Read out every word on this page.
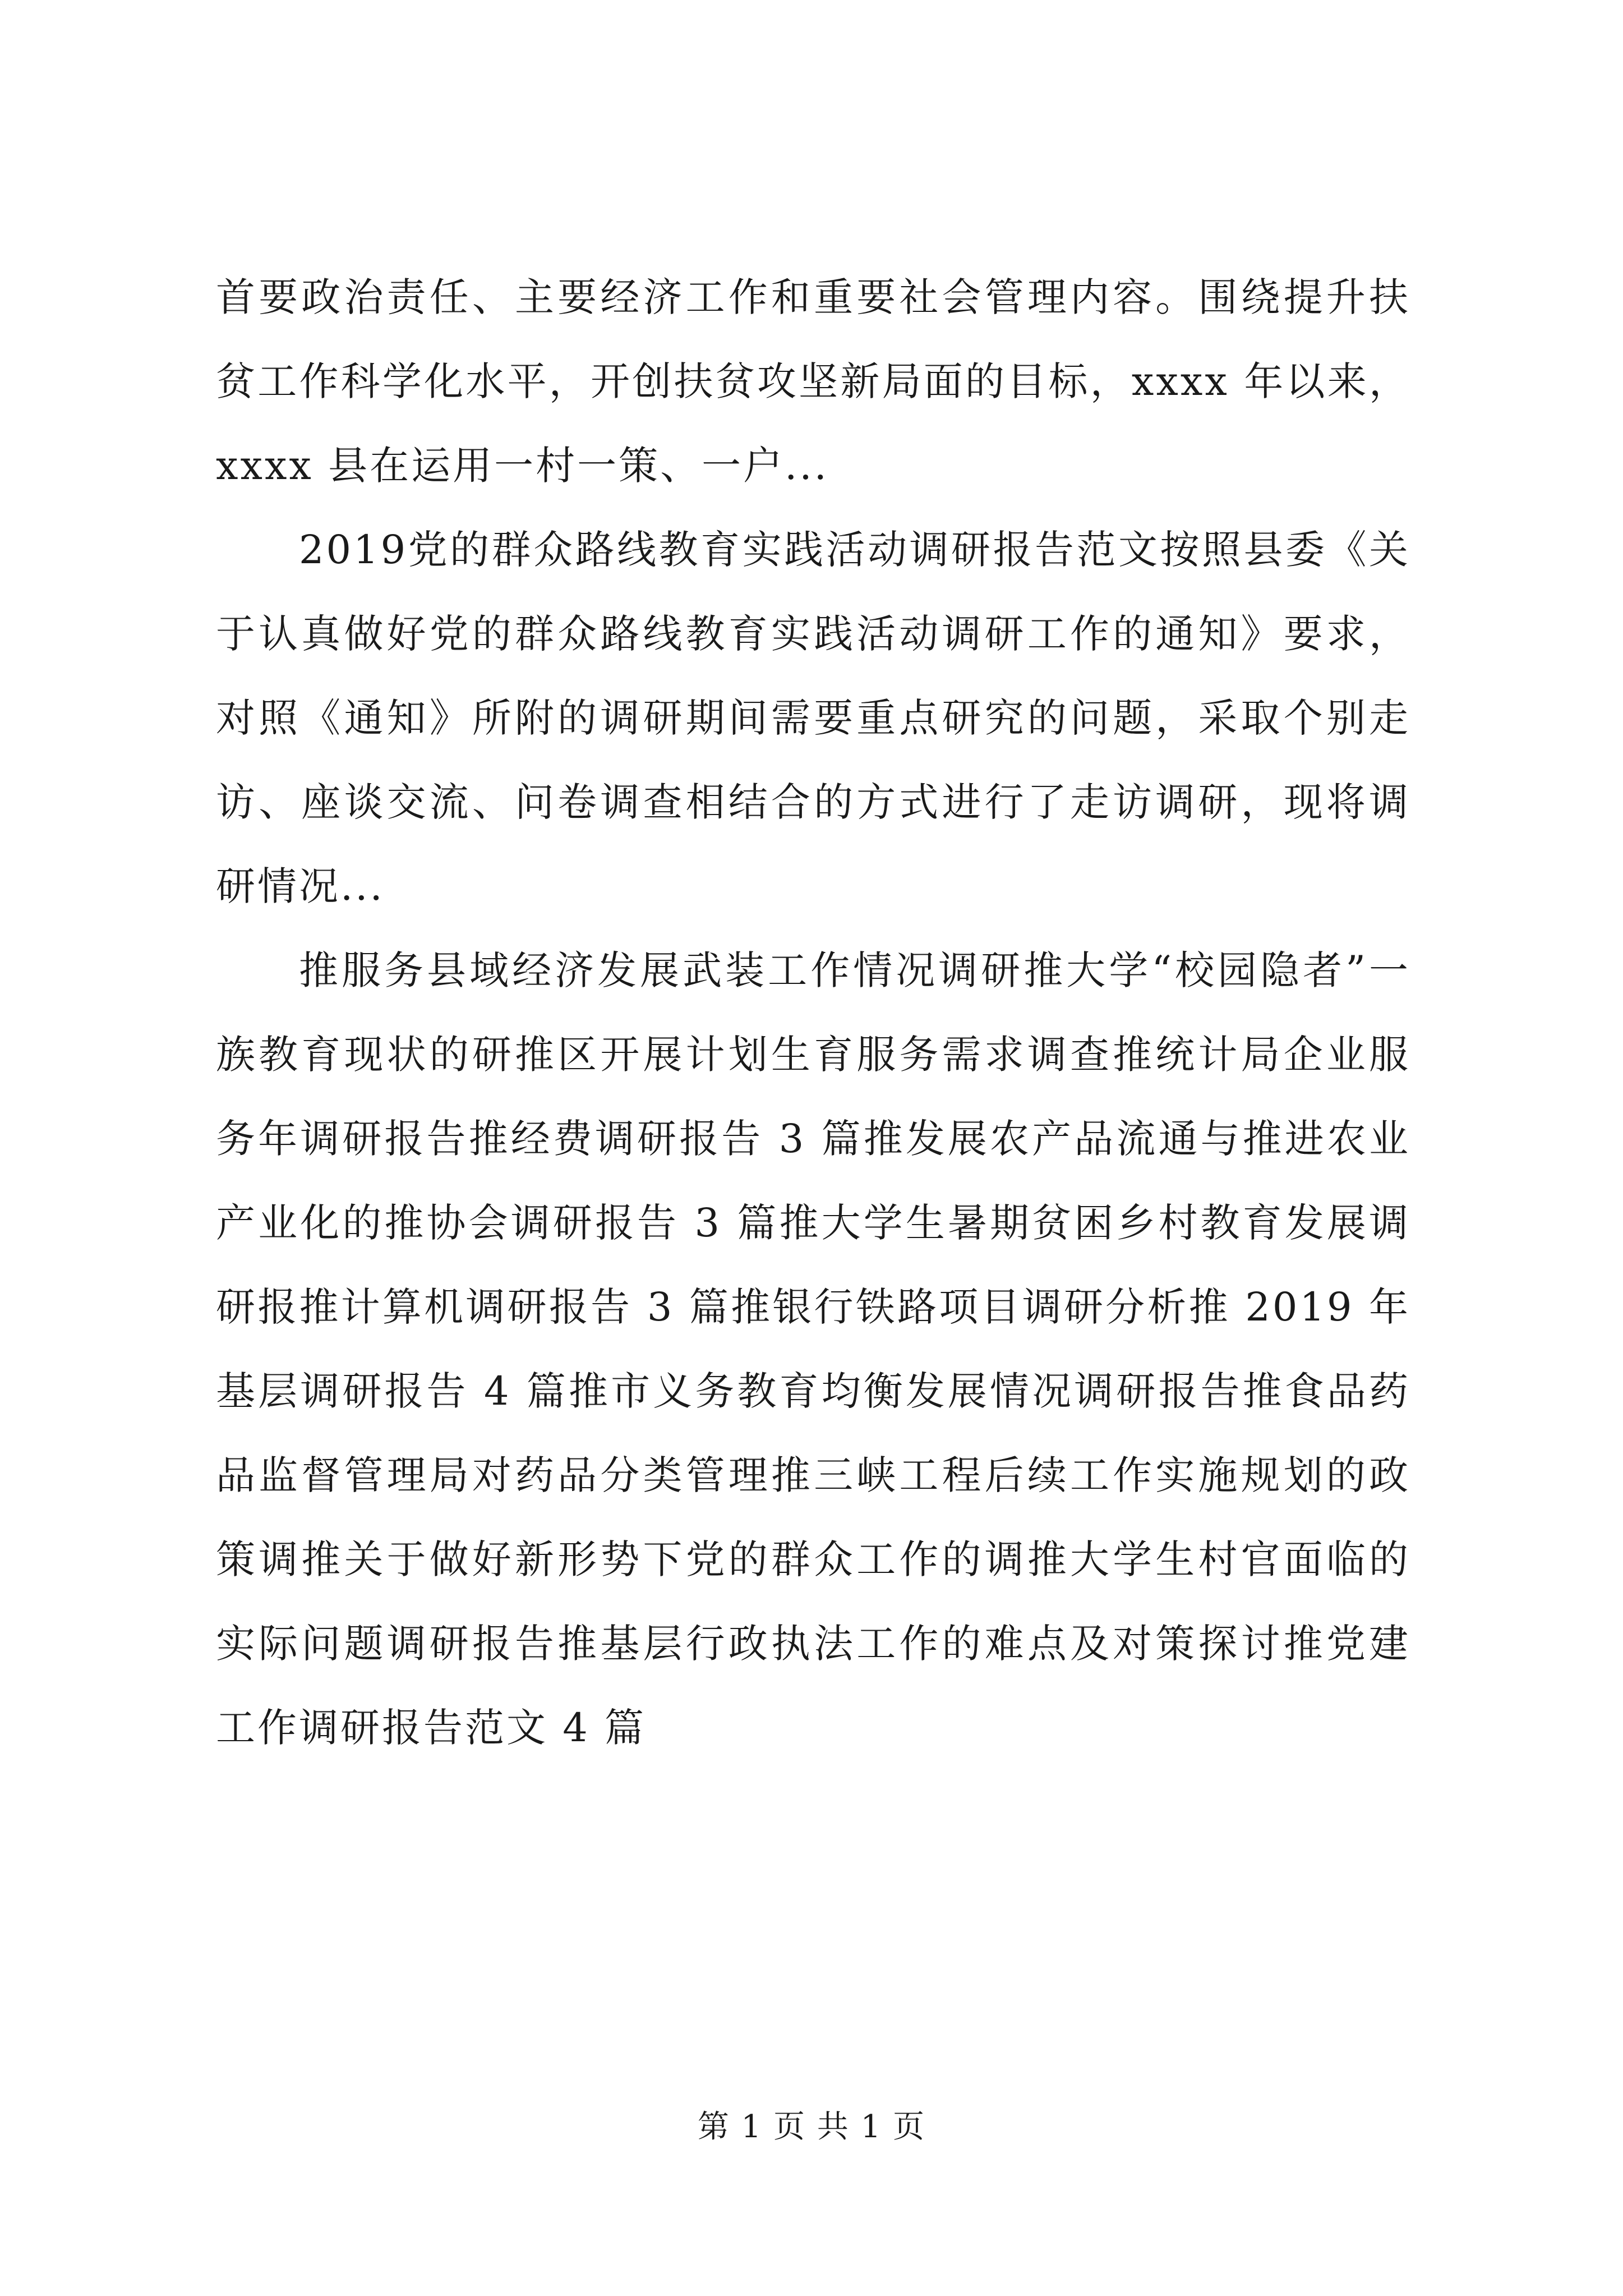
首要政治责任、主要经济工作和重要社会管理内容。围绕提升扶贫工作科学化水平，开创扶贫攻坚新局面的目标，xxxx 年以来，xxxx 县在运用一村一策、一户...

2019党的群众路线教育实践活动调研报告范文按照县委《关于认真做好党的群众路线教育实践活动调研工作的通知》要求，对照《通知》所附的调研期间需要重点研究的问题，采取个别走访、座谈交流、问卷调查相结合的方式进行了走访调研，现将调研情况...

推服务县域经济发展武装工作情况调研推大学“校园隐者”一族教育现状的研推区开展计划生育服务需求调查推统计局企业服务年调研报告推经费调研报告 3 篇推发展农产品流通与推进农业产业化的推协会调研报告 3 篇推大学生暑期贫困乡村教育发展调研报推计算机调研报告 3 篇推银行铁路项目调研分析推 2019 年基层调研报告 4 篇推市义务教育均衡发展情况调研报告推食品药品监督管理局对药品分类管理推三峡工程后续工作实施规划的政策调推关于做好新形势下党的群众工作的调推大学生村官面临的实际问题调研报告推基层行政执法工作的难点及对策探讨推党建工作调研报告范文 4 篇

第 1 页 共 1 页
